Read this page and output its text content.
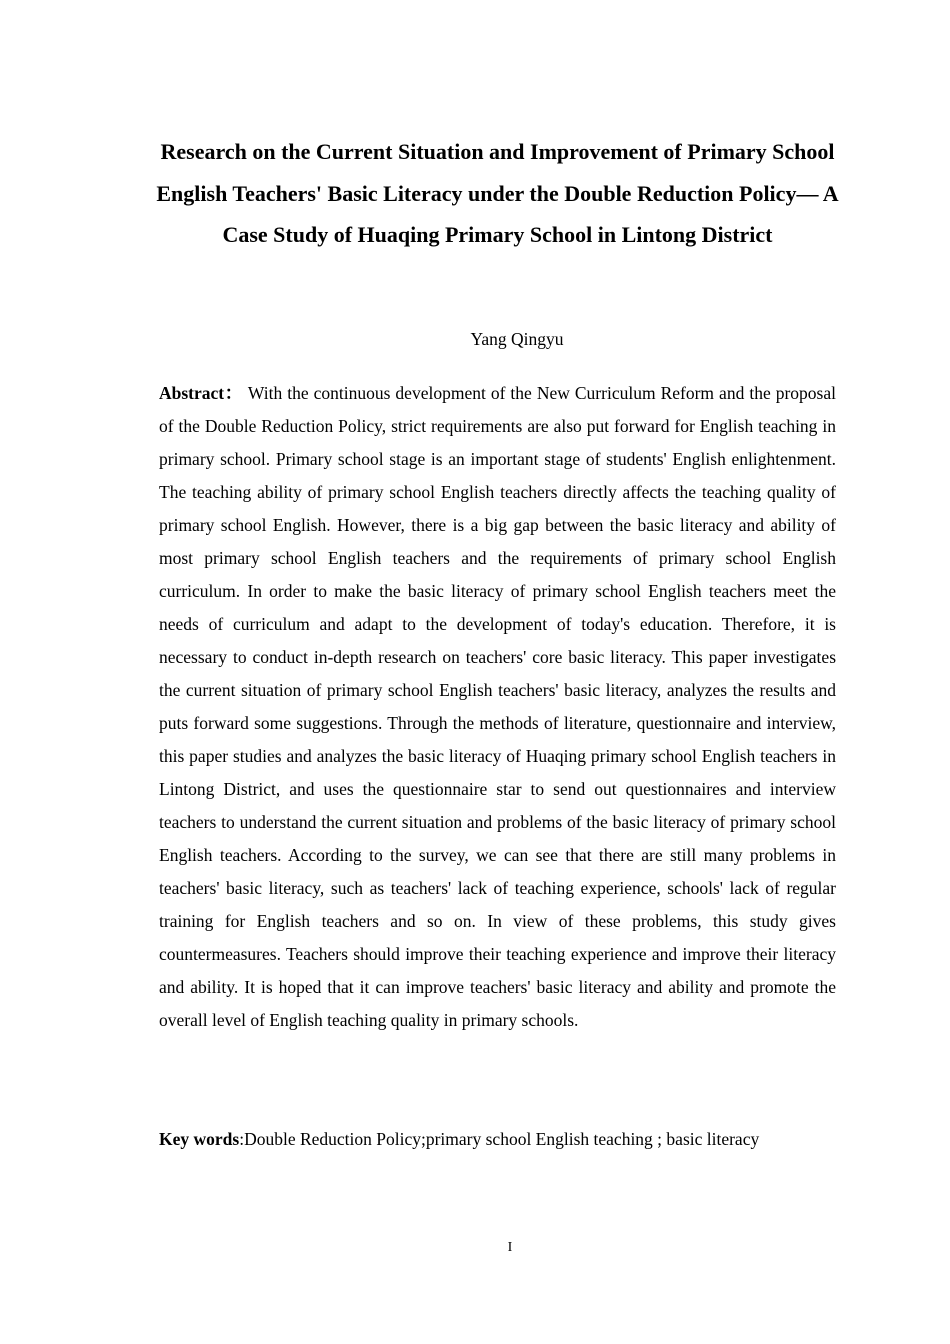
Research on the Current Situation and Improvement of Primary School English Teachers' Basic Literacy under the Double Reduction Policy— A Case Study of Huaqing Primary School in Lintong District

Yang Qingyu

Abstract： With the continuous development of the New Curriculum Reform and the proposal of the Double Reduction Policy, strict requirements are also put forward for English teaching in primary school. Primary school stage is an important stage of students' English enlightenment. The teaching ability of primary school English teachers directly affects the teaching quality of primary school English. However, there is a big gap between the basic literacy and ability of most primary school English teachers and the requirements of primary school English curriculum. In order to make the basic literacy of primary school English teachers meet the needs of curriculum and adapt to the development of today's education. Therefore, it is necessary to conduct in-depth research on teachers' core basic literacy. This paper investigates the current situation of primary school English teachers' basic literacy, analyzes the results and puts forward some suggestions. Through the methods of literature, questionnaire and interview, this paper studies and analyzes the basic literacy of Huaqing primary school English teachers in Lintong District, and uses the questionnaire star to send out questionnaires and interview teachers to understand the current situation and problems of the basic literacy of primary school English teachers. According to the survey, we can see that there are still many problems in teachers' basic literacy, such as teachers' lack of teaching experience, schools' lack of regular training for English teachers and so on. In view of these problems, this study gives countermeasures. Teachers should improve their teaching experience and improve their literacy and ability. It is hoped that it can improve teachers' basic literacy and ability and promote the overall level of English teaching quality in primary schools.

Key words:Double Reduction Policy;primary school English teaching ; basic literacy

I
